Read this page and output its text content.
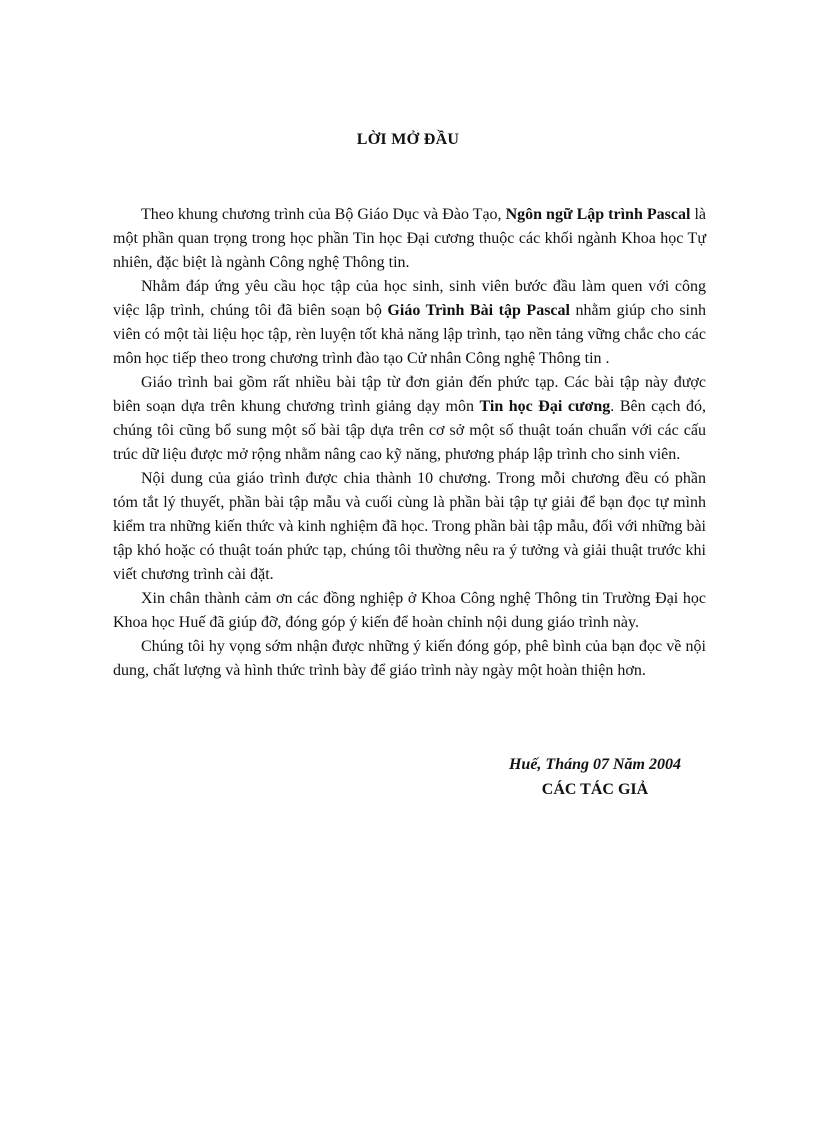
LỜI MỞ ĐẦU

Theo khung chương trình của Bộ Giáo Dục và Đào Tạo, Ngôn ngữ Lập trình Pascal là một phần quan trọng trong học phần Tin học Đại cương thuộc các khối ngành Khoa học Tự nhiên, đặc biệt là ngành Công nghệ Thông tin.

Nhằm đáp ứng yêu cầu học tập của học sinh, sinh viên bước đầu làm quen với công việc lập trình, chúng tôi đã biên soạn bộ Giáo Trình Bài tập Pascal nhằm giúp cho sinh viên có một tài liệu học tập, rèn luyện tốt khả năng lập trình, tạo nền tảng vững chắc cho các môn học tiếp theo trong chương trình đào tạo Cử nhân Công nghệ Thông tin .

Giáo trình bai gồm rất nhiều bài tập từ đơn giản đến phức tạp. Các bài tập này được biên soạn dựa trên khung chương trình giảng dạy môn Tin học Đại cương. Bên cạch đó, chúng tôi cũng bổ sung một số bài tập dựa trên cơ sở một số thuật toán chuẩn với các cấu trúc dữ liệu được mở rộng nhằm nâng cao kỹ năng, phương pháp lập trình cho sinh viên.

Nội dung của giáo trình được chia thành 10 chương. Trong mỗi chương đều có phần tóm tắt lý thuyết, phần bài tập mẫu và cuối cùng là phần bài tập tự giải để bạn đọc tự mình kiểm tra những kiến thức và kinh nghiệm đã học. Trong phần bài tập mẫu, đối với những bài tập khó hoặc có thuật toán phức tạp, chúng tôi thường nêu ra ý tưởng và giải thuật trước khi viết chương trình cài đặt.

Xin chân thành cảm ơn các đồng nghiệp ở Khoa Công nghệ Thông tin Trường Đại học Khoa học Huế đã giúp đỡ, đóng góp ý kiến để hoàn chỉnh nội dung giáo trình này.

Chúng tôi hy vọng sớm nhận được những ý kiến đóng góp, phê bình của bạn đọc về nội dung, chất lượng và hình thức trình bày để giáo trình này ngày một hoàn thiện hơn.

Huế, Tháng 07 Năm 2004
CÁC TÁC GIẢ
